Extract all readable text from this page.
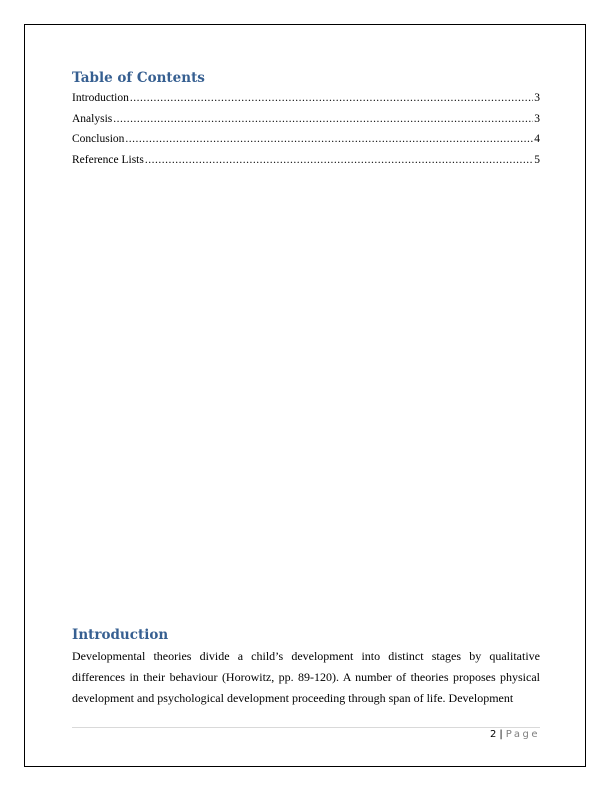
Table of Contents
Introduction .....	3
Analysis .....	3
Conclusion .....	4
Reference Lists .....	5
Introduction

Developmental theories divide a child’s development into distinct stages by qualitative differences in their behaviour (Horowitz, pp. 89-120). A number of theories proposes physical development and psychological development proceeding through span of life. Development

2 | Page
